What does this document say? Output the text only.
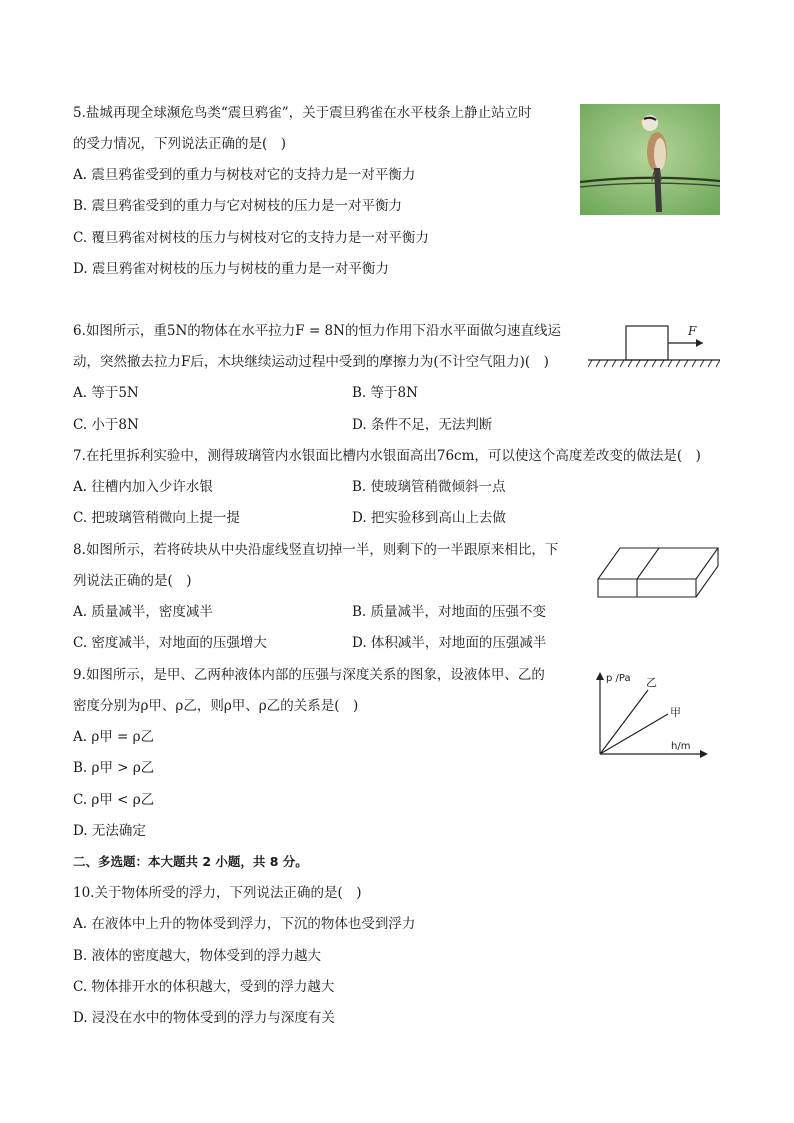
5.盐城再现全球濒危鸟类“震旦鸦雀”，关于震旦鸦雀在水平枝条上静止站立时
的受力情况，下列说法正确的是(　)
A. 震旦鸦雀受到的重力与树枝对它的支持力是一对平衡力
B. 震旦鸦雀受到的重力与它对树枝的压力是一对平衡力
C. 覆旦鸦雀对树枝的压力与树枝对它的支持力是一对平衡力
D. 震旦鸦雀对树枝的压力与树枝的重力是一对平衡力
6.如图所示，重5N的物体在水平拉力F = 8N的恒力作用下沿水平面做匀速直线运
动，突然撤去拉力F后，木块继续运动过程中受到的摩擦力为(不计空气阻力)(　)
A. 等于5N	B. 等于8N
C. 小于8N	D. 条件不足，无法判断
F
7.在托里拆利实验中，测得玻璃管内水银面比槽内水银面高出76cm，可以使这个高度差改变的做法是(　)
A. 往槽内加入少许水银	B. 使玻璃管稍微倾斜一点
C. 把玻璃管稍微向上提一提	D. 把实验移到高山上去做
8.如图所示，若将砖块从中央沿虚线竖直切掉一半，则剩下的一半跟原来相比，下
列说法正确的是(　)
A. 质量减半，密度减半	B. 质量减半，对地面的压强不变
C. 密度减半，对地面的压强增大	D. 体积减半，对地面的压强减半
9.如图所示，是甲、乙两种液体内部的压强与深度关系的图象，设液体甲、乙的
密度分别为ρ甲、ρ乙，则ρ甲、ρ乙的关系是(　)
A. ρ甲 = ρ乙
B. ρ甲 > ρ乙
C. ρ甲 < ρ乙
D. 无法确定
p /Pa
h/m
乙
甲
二、多选题：本大题共 2 小题，共 8 分。
10.关于物体所受的浮力，下列说法正确的是(　)
A. 在液体中上升的物体受到浮力，下沉的物体也受到浮力
B. 液体的密度越大，物体受到的浮力越大
C. 物体排开水的体积越大，受到的浮力越大
D. 浸没在水中的物体受到的浮力与深度有关
